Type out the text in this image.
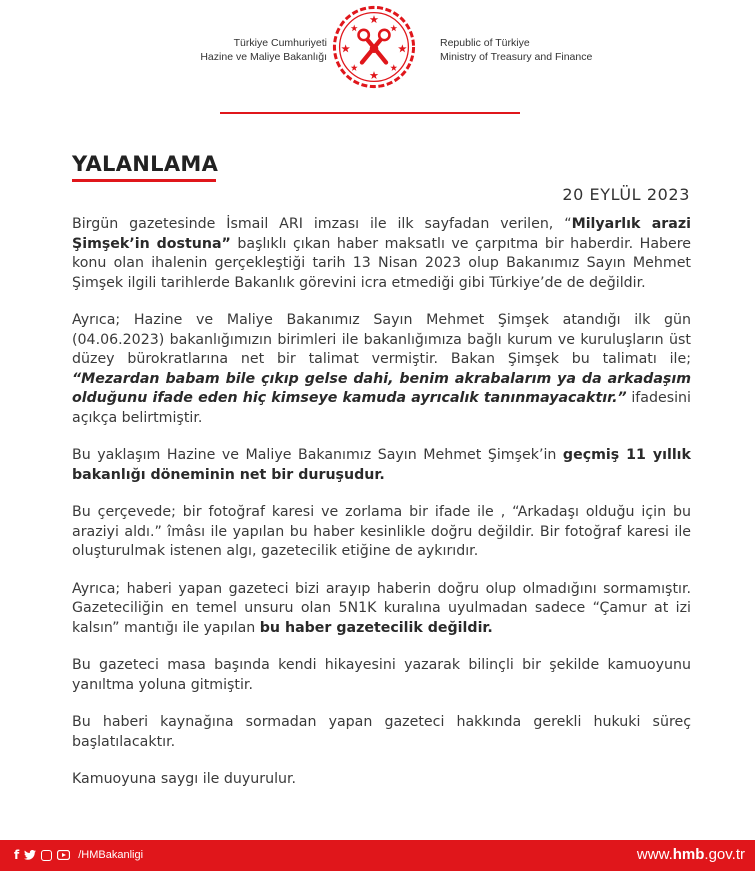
Türkiye Cumhuriyeti
Hazine ve Maliye Bakanlığı
Republic of Türkiye
Ministry of Treasury and Finance
YALANLAMA
20 EYLÜL 2023

Birgün gazetesinde İsmail ARI imzası ile ilk sayfadan verilen, “Milyarlık arazi Şimşek’in dostuna” başlıklı çıkan haber maksatlı ve çarpıtma bir haberdir. Habere konu olan ihalenin gerçekleştiği tarih 13 Nisan 2023 olup Bakanımız Sayın Mehmet Şimşek ilgili tarihlerde Bakanlık görevini icra etmediği gibi Türkiye’de de değildir.

Ayrıca; Hazine ve Maliye Bakanımız Sayın Mehmet Şimşek atandığı ilk gün (04.06.2023) bakanlığımızın birimleri ile bakanlığımıza bağlı kurum ve kuruluşların üst düzey bürokratlarına net bir talimat vermiştir. Bakan Şimşek bu talimatı ile; “Mezardan babam bile çıkıp gelse dahi, benim akrabalarım ya da arkadaşım olduğunu ifade eden hiç kimseye kamuda ayrıcalık tanınmayacaktır.” ifadesini açıkça belirtmiştir.

Bu yaklaşım Hazine ve Maliye Bakanımız Sayın Mehmet Şimşek’in geçmiş 11 yıllık bakanlığı döneminin net bir duruşudur.

Bu çerçevede; bir fotoğraf karesi ve zorlama bir ifade ile , “Arkadaşı olduğu için bu araziyi aldı.” îmâsı ile yapılan bu haber kesinlikle doğru değildir. Bir fotoğraf karesi ile oluşturulmak istenen algı, gazetecilik etiğine de aykırıdır.

Ayrıca; haberi yapan gazeteci bizi arayıp haberin doğru olup olmadığını sormamıştır. Gazeteciliğin en temel unsuru olan 5N1K kuralına uyulmadan sadece “Çamur at izi kalsın” mantığı ile yapılan bu haber gazetecilik değildir.

Bu gazeteci masa başında kendi hikayesini yazarak bilinçli bir şekilde kamuoyunu yanıltma yoluna gitmiştir.

Bu haberi kaynağına sormadan yapan gazeteci hakkında gerekli hukuki süreç başlatılacaktır.

Kamuoyuna saygı ile duyurulur.

f	/HMBakanligi	www.hmb.gov.tr
